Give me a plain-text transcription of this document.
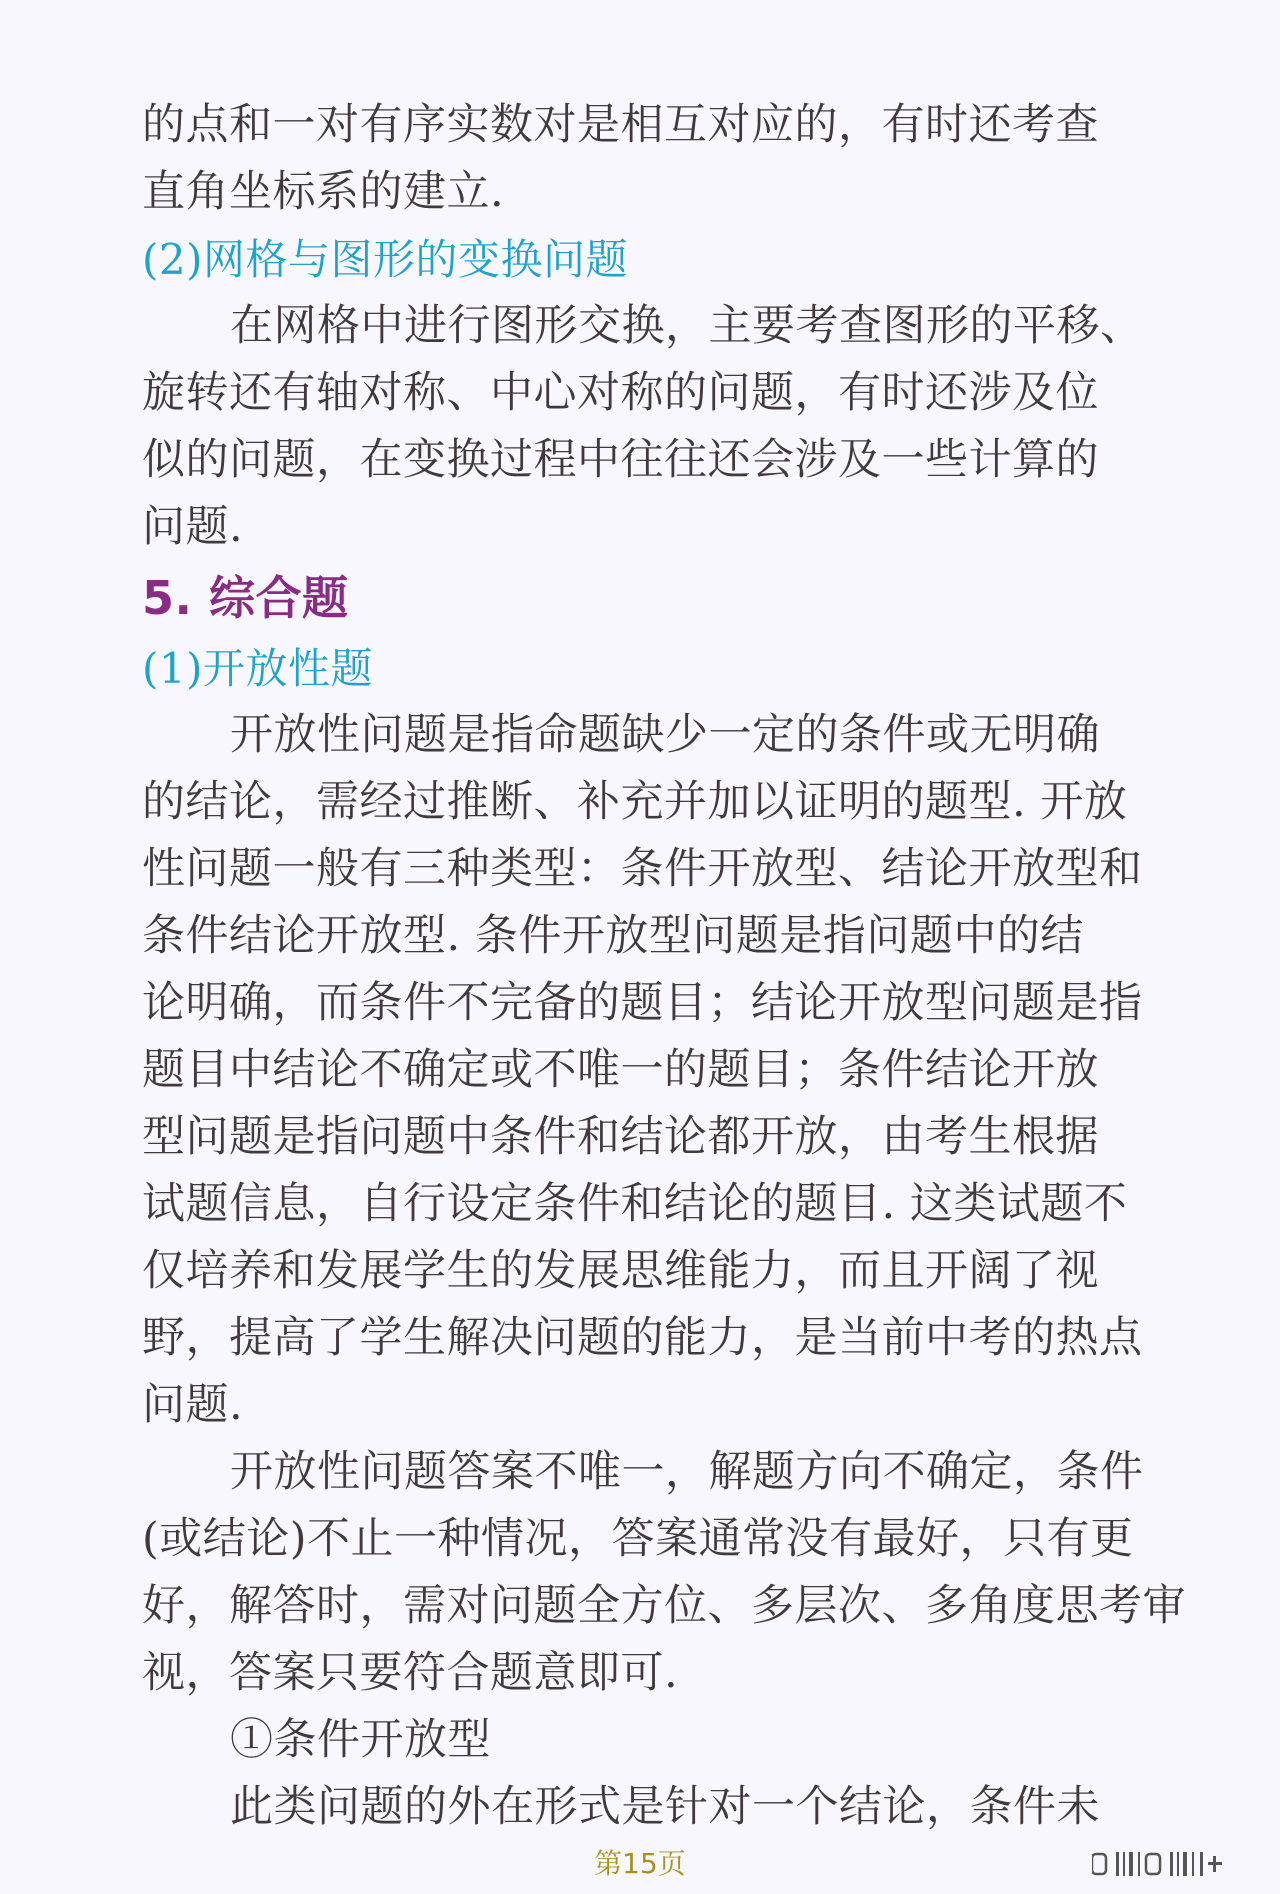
的点和一对有序实数对是相互对应的，有时还考查
直角坐标系的建立.
(2)网格与图形的变换问题
在网格中进行图形交换，主要考查图形的平移、
旋转还有轴对称、中心对称的问题，有时还涉及位
似的问题，在变换过程中往往还会涉及一些计算的
问题.
5. 综合题
(1)开放性题
开放性问题是指命题缺少一定的条件或无明确
的结论，需经过推断、补充并加以证明的题型. 开放
性问题一般有三种类型：条件开放型、结论开放型和
条件结论开放型. 条件开放型问题是指问题中的结
论明确，而条件不完备的题目；结论开放型问题是指
题目中结论不确定或不唯一的题目；条件结论开放
型问题是指问题中条件和结论都开放，由考生根据
试题信息，自行设定条件和结论的题目. 这类试题不
仅培养和发展学生的发展思维能力，而且开阔了视
野，提高了学生解决问题的能力，是当前中考的热点
问题.
开放性问题答案不唯一，解题方向不确定，条件
(或结论)不止一种情况，答案通常没有最好，只有更
好，解答时，需对问题全方位、多层次、多角度思考审
视，答案只要符合题意即可.
①条件开放型
此类问题的外在形式是针对一个结论，条件未
第15页
